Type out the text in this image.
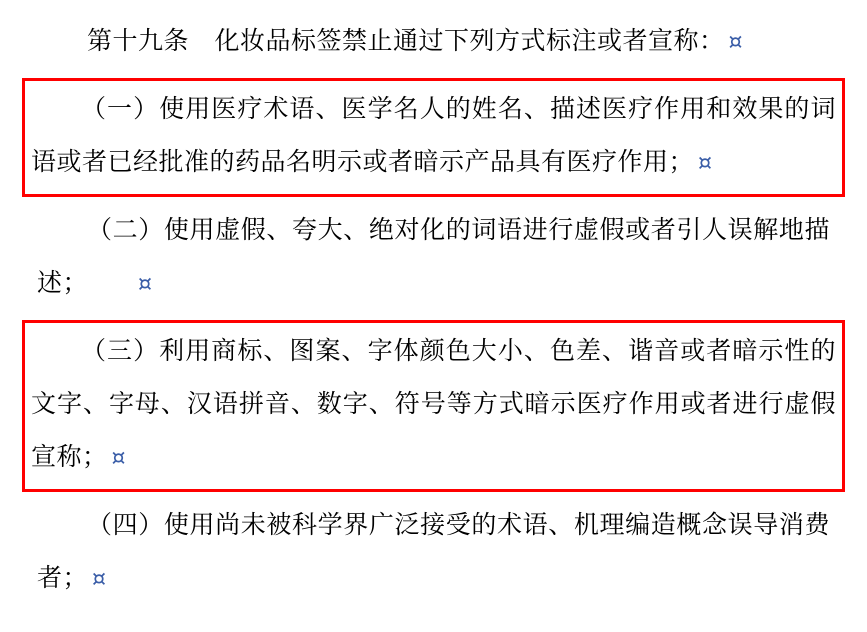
第十九条　化妆品标签禁止通过下列方式标注或者宣称： ¤
（一）使用医疗术语、医学名人的姓名、描述医疗作用和效果的词语或者已经批准的药品名明示或者暗示产品具有医疗作用； ¤
（二）使用虚假、夸大、绝对化的词语进行虚假或者引人误解地描述； ¤
（三）利用商标、图案、字体颜色大小、色差、谐音或者暗示性的文字、字母、汉语拼音、数字、符号等方式暗示医疗作用或者进行虚假宣称； ¤
（四）使用尚未被科学界广泛接受的术语、机理编造概念误导消费者； ¤
